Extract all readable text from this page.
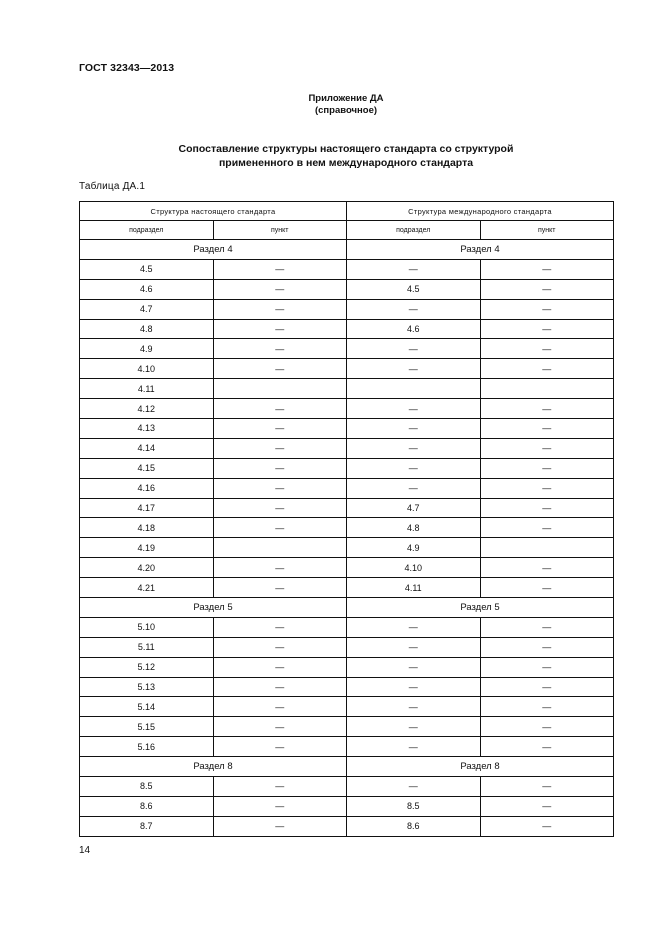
ГОСТ 32343—2013
Приложение ДА
(справочное)
Сопоставление структуры настоящего стандарта со структурой
примененного в нем международного стандарта
Таблица ДА.1
Структура настоящего стандарта		Структура международного стандарта	
подраздел	пункт	подраздел	пункт
Раздел 4		Раздел 4	
4.5	—	—	—
4.6	—	4.5	—
4.7	—	—	—
4.8	—	4.6	—
4.9	—	—	—
4.10	—	—	—
4.11			
4.12	—	—	—
4.13	—	—	—
4.14	—	—	—
4.15	—	—	—
4.16	—	—	—
4.17	—	4.7	—
4.18	—	4.8	—
4.19		4.9	
4.20	—	4.10	—
4.21	—	4.11	—
Раздел 5		Раздел 5	
5.10	—	—	—
5.11	—	—	—
5.12	—	—	—
5.13	—	—	—
5.14	—	—	—
5.15	—	—	—
5.16	—	—	—
Раздел 8		Раздел 8	
8.5	—	—	—
8.6	—	8.5	—
8.7	—	8.6	—
14
